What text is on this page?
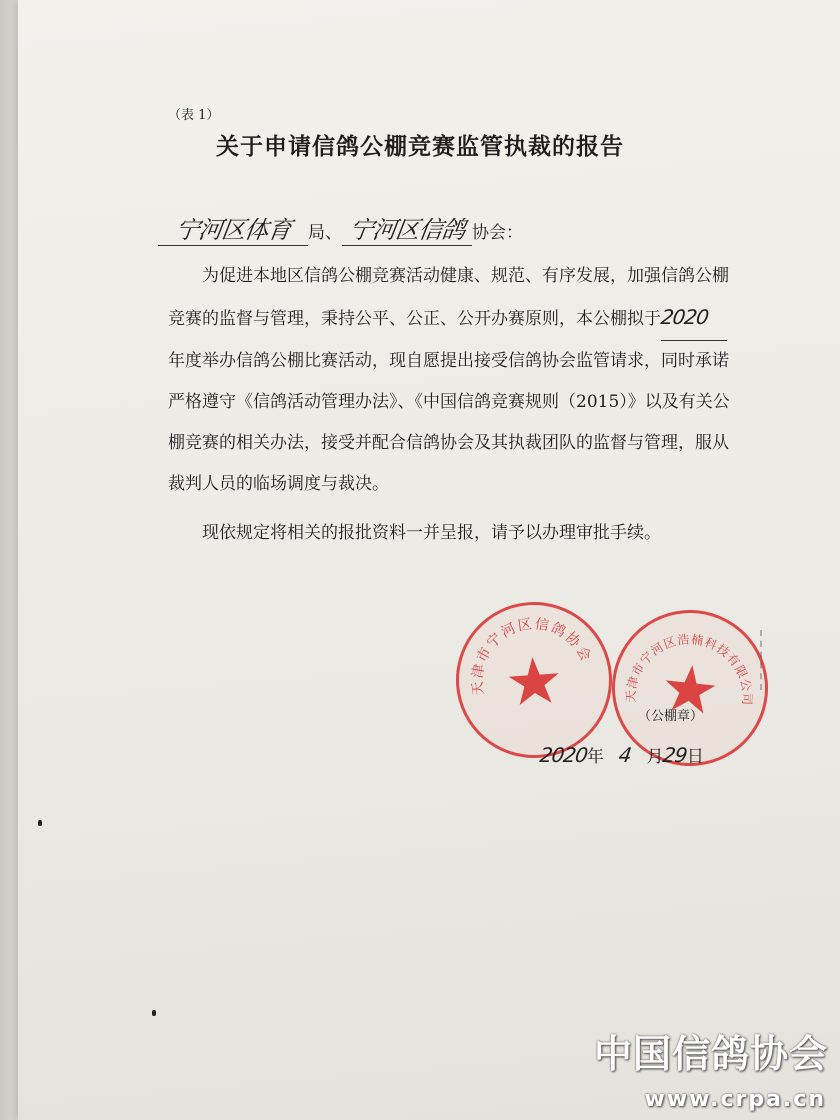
（表 1）
关于申请信鸽公棚竞赛监管执裁的报告
宁河区体育 局、 宁河区信鸽 协会：

为促进本地区信鸽公棚竞赛活动健康、规范、有序发展，加强信鸽公棚竞赛的监督与管理，秉持公平、公正、公开办赛原则，本公棚拟于2020年度举办信鸽公棚比赛活动，现自愿提出接受信鸽协会监管请求，同时承诺严格遵守《信鸽活动管理办法》、《中国信鸽竞赛规则（2015）》以及有关公棚竞赛的相关办法，接受并配合信鸽协会及其执裁团队的监督与管理，服从裁判人员的临场调度与裁决。

现依规定将相关的报批资料一并呈报，请予以办理审批手续。

天津市宁河区信鸽协会
天津市宁河区浩楠科技有限公司
（公棚章）
2020年 4 月29日
中国信鸽协会
www.crpa.cn
